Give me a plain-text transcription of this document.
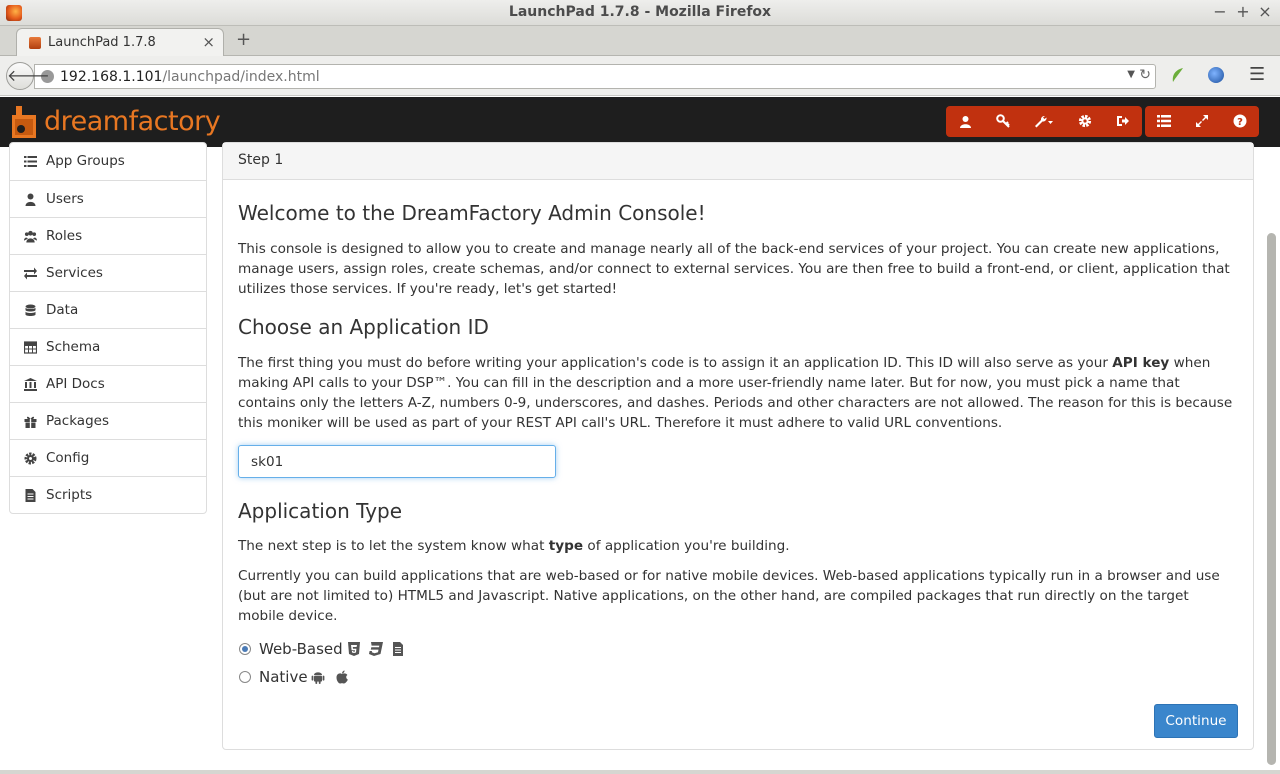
LaunchPad 1.7.8 - Mozilla Firefox	− + ×
LaunchPad 1.7.8	× +
192.168.1.101/launchpad/index.html	▼ ↻
🡐	☰
dreamfactory	?
App Groups
Users
Roles
Services
Data
Schema
API Docs
Packages
Config
Scripts
Step 1
Welcome to the DreamFactory Admin Console!

This console is designed to allow you to create and manage nearly all of the back-end services of your project. You can create new applications, manage users, assign roles, create schemas, and/or connect to external services. You are then free to build a front-end, or client, application that utilizes those services. If you're ready, let's get started!

Choose an Application ID

The first thing you must do before writing your application's code is to assign it an application ID. This ID will also serve as your API key when making API calls to your DSP™. You can fill in the description and a more user-friendly name later. But for now, you must pick a name that contains only the letters A-Z, numbers 0-9, underscores, and dashes. Periods and other characters are not allowed. The reason for this is because this moniker will be used as part of your REST API call's URL. Therefore it must adhere to valid URL conventions.

Application Type

The next step is to let the system know what type of application you're building.

Currently you can build applications that are web-based or for native mobile devices. Web-based applications typically run in a browser and use (but are not limited to) HTML5 and Javascript. Native applications, on the other hand, are compiled packages that run directly on the target mobile device.

sk01
Web-Based
Native
Continue
